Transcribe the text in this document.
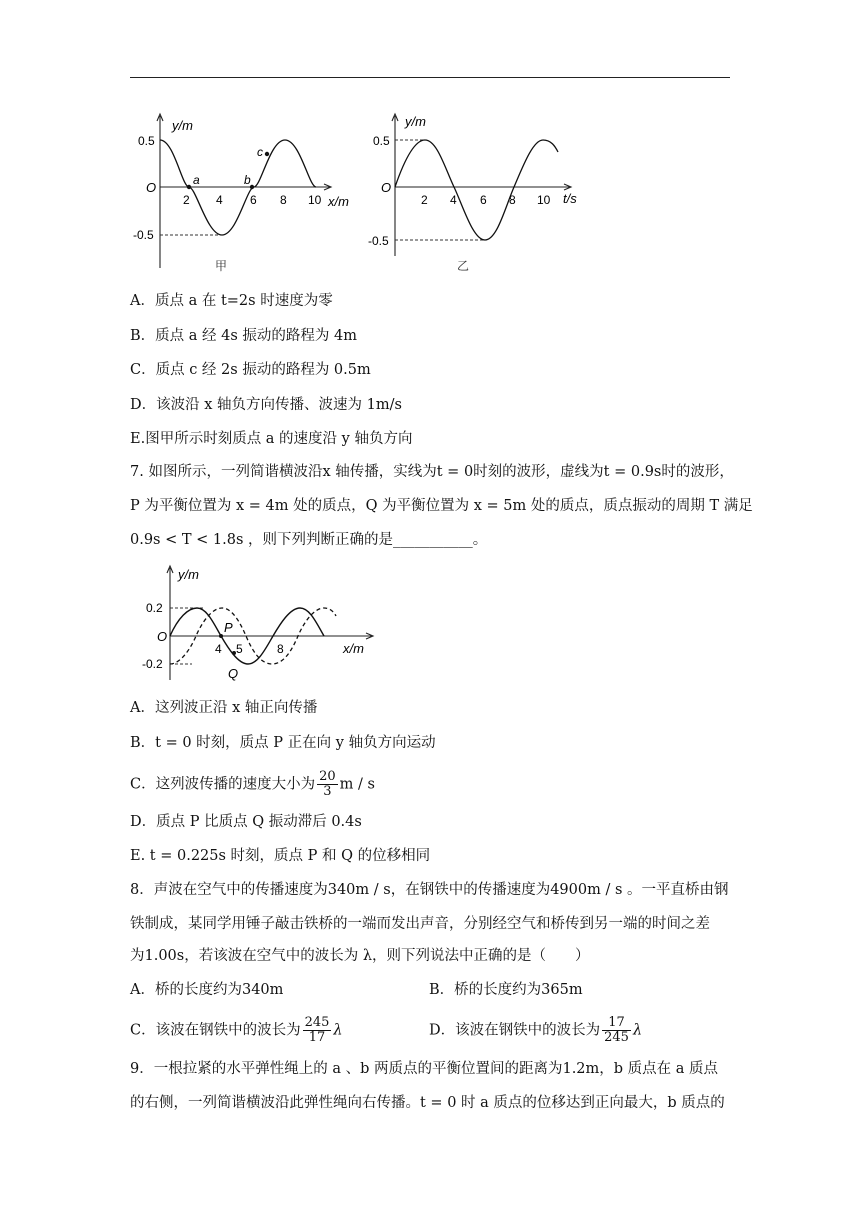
y/m
x/m
O
0.5
-0.5
2 4 6 8 10
a	b
c
甲
y/m
t/s
O
0.5
-0.5
2 4 6 8 10
乙
A．质点 a 在 t=2s 时速度为零
B．质点 a 经 4s 振动的路程为 4m
C．质点 c 经 2s 振动的路程为 0.5m
D．该波沿 x 轴负方向传播、波速为 1m/s
E.图甲所示时刻质点 a 的速度沿 y 轴负方向
7. 如图所示，一列简谐横波沿x 轴传播，实线为t = 0时刻的波形，虚线为t = 0.9s时的波形，
P 为平衡位置为 x = 4m 处的质点，Q 为平衡位置为 x = 5m 处的质点，质点振动的周期 T 满足
0.9s < T < 1.8s ，则下列判断正确的是___________。
y/m
x/m
O
0.2
-0.2
4 5	8
P
Q
A．这列波正沿 x 轴正向传播
B．t = 0 时刻，质点 P 正在向 y 轴负方向运动
C．这列波传播的速度大小为 $\frac{20}{3}$ m / s
D．质点 P 比质点 Q 振动滞后 0.4s
E. t = 0.225s 时刻，质点 P 和 Q 的位移相同
8．声波在空气中的传播速度为340m / s，在钢铁中的传播速度为4900m / s 。一平直桥由钢
铁制成，某同学用锤子敲击铁桥的一端而发出声音，分别经空气和桥传到另一端的时间之差
为1.00s，若该波在空气中的波长为 λ，则下列说法中正确的是（　　）
A．桥的长度约为340m	B．桥的长度约为365m
C．该波在钢铁中的波长为 $\frac{245}{17}$ λ	D．该波在钢铁中的波长为 $\frac{17}{245}$ λ
9．一根拉紧的水平弹性绳上的 a 、b 两质点的平衡位置间的距离为1.2m，b 质点在 a 质点
的右侧，一列简谐横波沿此弹性绳向右传播。t = 0 时 a 质点的位移达到正向最大，b 质点的
